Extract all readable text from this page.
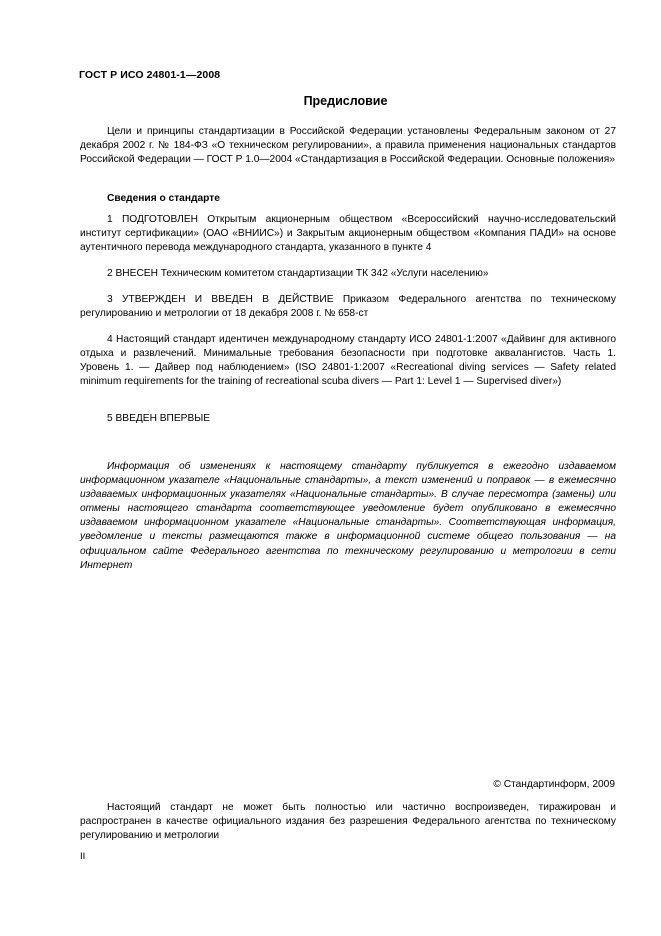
ГОСТ Р ИСО 24801-1—2008
Предисловие

Цели и принципы стандартизации в Российской Федерации установлены Федеральным законом от 27 декабря 2002 г. № 184-ФЗ «О техническом регулировании», а правила применения национальных стандартов Российской Федерации — ГОСТ Р 1.0—2004 «Стандартизация в Российской Федерации. Основные положения»

Сведения о стандарте

1 ПОДГОТОВЛЕН Открытым акционерным обществом «Всероссийский научно-исследовательский институт сертификации» (ОАО «ВНИИС») и Закрытым акционерным обществом «Компания ПАДИ» на основе аутентичного перевода международного стандарта, указанного в пункте 4

2 ВНЕСЕН Техническим комитетом стандартизации ТК 342 «Услуги населению»

3 УТВЕРЖДЕН И ВВЕДЕН В ДЕЙСТВИЕ Приказом Федерального агентства по техническому регулированию и метрологии от 18 декабря 2008 г. № 658-ст

4 Настоящий стандарт идентичен международному стандарту ИСО 24801-1:2007 «Дайвинг для активного отдыха и развлечений. Минимальные требования безопасности при подготовке аквалангистов. Часть 1. Уровень 1. — Дайвер под наблюдением» (ISO 24801-1:2007 «Recreational diving services — Safety related minimum requirements for the training of recreational scuba divers — Part 1: Level 1 — Supervised diver»)

5 ВВЕДЕН ВПЕРВЫЕ

Информация об изменениях к настоящему стандарту публикуется в ежегодно издаваемом информационном указателе «Национальные стандарты», а текст изменений и поправок — в ежемесячно издаваемых информационных указателях «Национальные стандарты». В случае пересмотра (замены) или отмены настоящего стандарта соответствующее уведомление будет опубликовано в ежемесячно издаваемом информационном указателе «Национальные стандарты». Соответствующая информация, уведомление и тексты размещаются также в информационной системе общего пользования — на официальном сайте Федерального агентства по техническому регулированию и метрологии в сети Интернет

© Стандартинформ, 2009

Настоящий стандарт не может быть полностью или частично воспроизведен, тиражирован и распространен в качестве официального издания без разрешения Федерального агентства по техническому регулированию и метрологии

II
